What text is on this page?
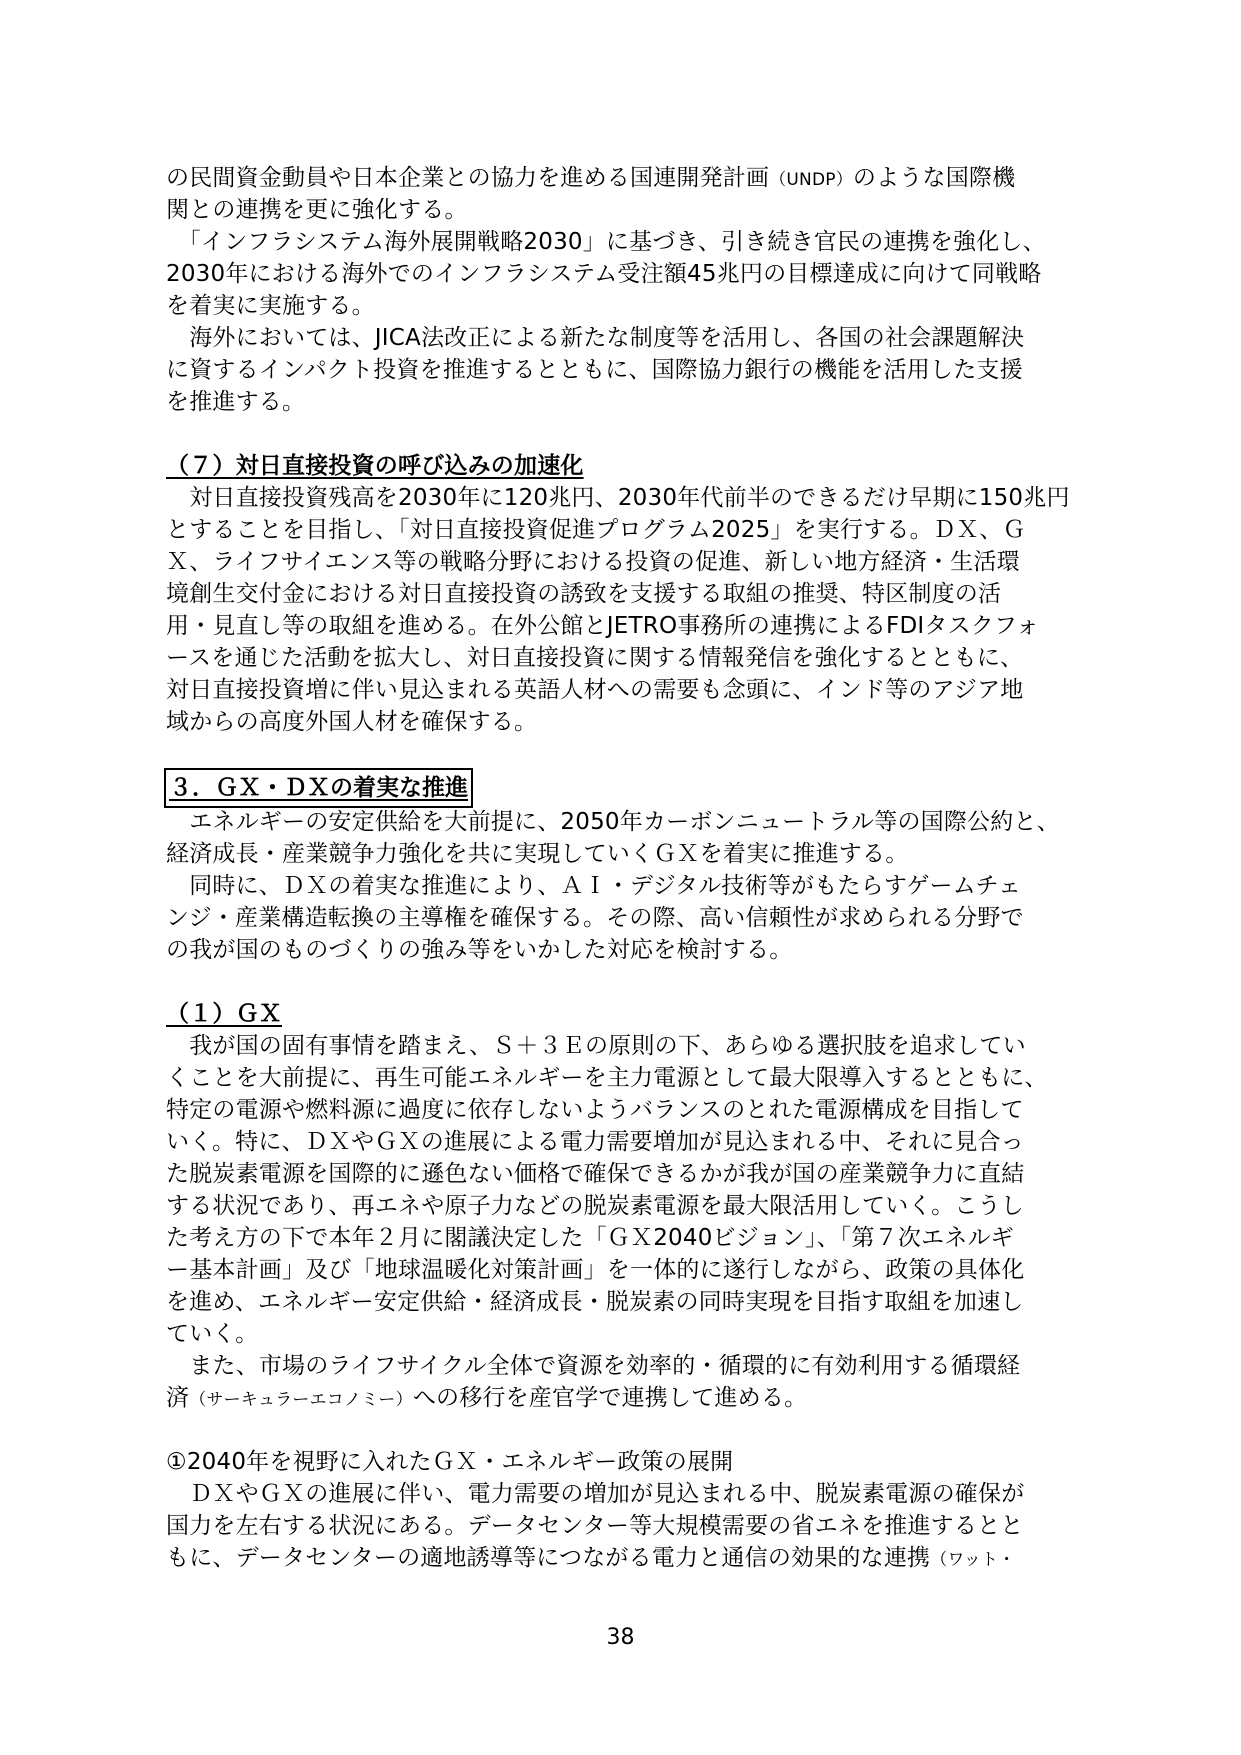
の民間資金動員や日本企業との協力を進める国連開発計画（UNDP）のような国際機

関との連携を更に強化する。

　「インフラシステム海外展開戦略2030」に基づき、引き続き官民の連携を強化し、

2030年における海外でのインフラシステム受注額45兆円の目標達成に向けて同戦略

を着実に実施する。

　海外においては、JICA法改正による新たな制度等を活用し、各国の社会課題解決

に資するインパクト投資を推進するとともに、国際協力銀行の機能を活用した支援

を推進する。

（７）対日直接投資の呼び込みの加速化

　対日直接投資残高を2030年に120兆円、2030年代前半のできるだけ早期に150兆円

とすることを目指し、「対日直接投資促進プログラム2025」を実行する。ＤＸ、Ｇ

Ｘ、ライフサイエンス等の戦略分野における投資の促進、新しい地方経済・生活環

境創生交付金における対日直接投資の誘致を支援する取組の推奨、特区制度の活

用・見直し等の取組を進める。在外公館とJETRO事務所の連携によるFDIタスクフォ

ースを通じた活動を拡大し、対日直接投資に関する情報発信を強化するとともに、

対日直接投資増に伴い見込まれる英語人材への需要も念頭に、インド等のアジア地

域からの高度外国人材を確保する。

３．ＧＸ・ＤＸの着実な推進

　エネルギーの安定供給を大前提に、2050年カーボンニュートラル等の国際公約と、

経済成長・産業競争力強化を共に実現していくＧＸを着実に推進する。

　同時に、ＤＸの着実な推進により、ＡＩ・デジタル技術等がもたらすゲームチェ

ンジ・産業構造転換の主導権を確保する。その際、高い信頼性が求められる分野で

の我が国のものづくりの強み等をいかした対応を検討する。

（１）ＧＸ

　我が国の固有事情を踏まえ、Ｓ＋３Ｅの原則の下、あらゆる選択肢を追求してい

くことを大前提に、再生可能エネルギーを主力電源として最大限導入するとともに、

特定の電源や燃料源に過度に依存しないようバランスのとれた電源構成を目指して

いく。特に、ＤＸやＧＸの進展による電力需要増加が見込まれる中、それに見合っ

た脱炭素電源を国際的に遜色ない価格で確保できるかが我が国の産業競争力に直結

する状況であり、再エネや原子力などの脱炭素電源を最大限活用していく。こうし

た考え方の下で本年２月に閣議決定した「ＧＸ2040ビジョン」、「第７次エネルギ

ー基本計画」及び「地球温暖化対策計画」を一体的に遂行しながら、政策の具体化

を進め、エネルギー安定供給・経済成長・脱炭素の同時実現を目指す取組を加速し

ていく。

　また、市場のライフサイクル全体で資源を効率的・循環的に有効利用する循環経

済（サーキュラーエコノミー）への移行を産官学で連携して進める。

①2040年を視野に入れたＧＸ・エネルギー政策の展開

　ＤＸやＧＸの進展に伴い、電力需要の増加が見込まれる中、脱炭素電源の確保が

国力を左右する状況にある。データセンター等大規模需要の省エネを推進するとと

もに、データセンターの適地誘導等につながる電力と通信の効果的な連携（ワット・

38
